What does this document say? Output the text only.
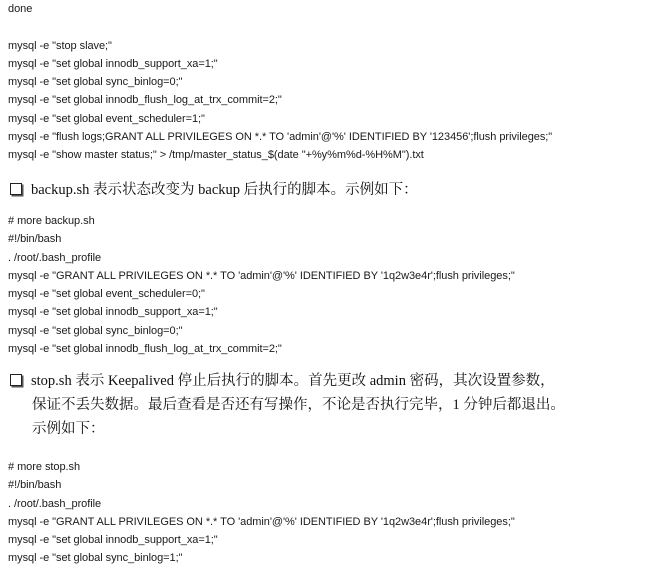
done
mysql -e "stop slave;"
mysql -e "set global innodb_support_xa=1;"
mysql -e "set global sync_binlog=0;"
mysql -e "set global innodb_flush_log_at_trx_commit=2;"
mysql -e "set global event_scheduler=1;"
mysql -e "flush logs;GRANT ALL PRIVILEGES ON *.* TO 'admin'@'%' IDENTIFIED BY '123456';flush privileges;"
mysql -e "show master status;" > /tmp/master_status_$(date "+%y%m%d-%H%M").txt
backup.sh 表示状态改变为 backup 后执行的脚本。示例如下：
# more backup.sh
#!/bin/bash
. /root/.bash_profile
mysql -e "GRANT ALL PRIVILEGES ON *.* TO 'admin'@'%' IDENTIFIED BY '1q2w3e4r';flush privileges;"
mysql -e "set global event_scheduler=0;"
mysql -e "set global innodb_support_xa=1;"
mysql -e "set global sync_binlog=0;"
mysql -e "set global innodb_flush_log_at_trx_commit=2;"
stop.sh 表示 Keepalived 停止后执行的脚本。首先更改 admin 密码，其次设置参数，
保证不丢失数据。最后查看是否还有写操作，不论是否执行完毕，1 分钟后都退出。
示例如下：
# more stop.sh
#!/bin/bash
. /root/.bash_profile
mysql -e "GRANT ALL PRIVILEGES ON *.* TO 'admin'@'%' IDENTIFIED BY '1q2w3e4r';flush privileges;"
mysql -e "set global innodb_support_xa=1;"
mysql -e "set global sync_binlog=1;"
